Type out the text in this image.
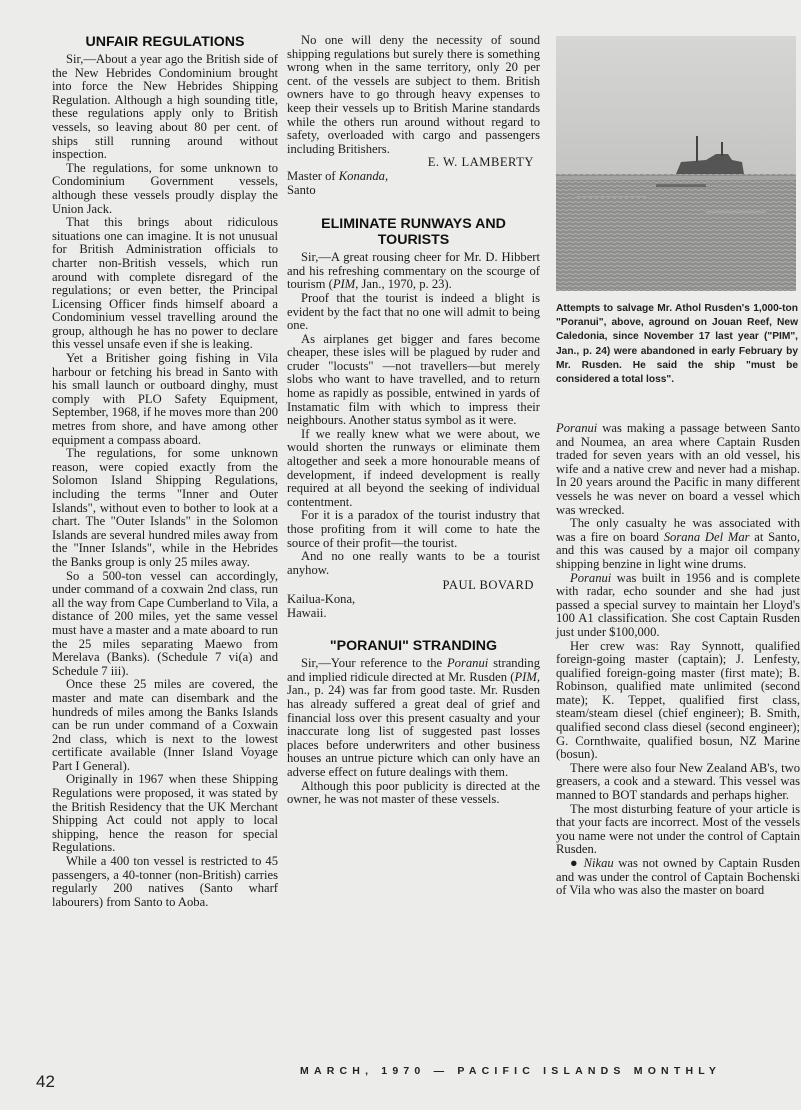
UNFAIR REGULATIONS

Sir,—About a year ago the British side of the New Hebrides Condominium brought into force the New Hebrides Shipping Regulation. Although a high sounding title, these regulations apply only to British vessels, so leaving about 80 per cent. of ships still running around without inspection.

The regulations, for some unknown to Condominium Government vessels, although these vessels proudly display the Union Jack.

That this brings about ridiculous situations one can imagine. It is not unusual for British Administration officials to charter non-British vessels, which run around with complete disregard of the regulations; or even better, the Principal Licensing Officer finds himself aboard a Condominium vessel travelling around the group, although he has no power to declare this vessel unsafe even if she is leaking.

Yet a Britisher going fishing in Vila harbour or fetching his bread in Santo with his small launch or outboard dinghy, must comply with PLO Safety Equipment, September, 1968, if he moves more than 200 metres from shore, and have among other equipment a compass aboard.

The regulations, for some unknown reason, were copied exactly from the Solomon Island Shipping Regulations, including the terms "Inner and Outer Islands", without even to bother to look at a chart. The "Outer Islands" in the Solomon Islands are several hundred miles away from the "Inner Islands", while in the Hebrides the Banks group is only 25 miles away.

So a 500-ton vessel can accordingly, under command of a coxwain 2nd class, run all the way from Cape Cumberland to Vila, a distance of 200 miles, yet the same vessel must have a master and a mate aboard to run the 25 miles separating Maewo from Merelava (Banks). (Schedule 7 vi(a) and Schedule 7 iii).

Once these 25 miles are covered, the master and mate can disembark and the hundreds of miles among the Banks Islands can be run under command of a Coxwain 2nd class, which is next to the lowest certificate available (Inner Island Voyage Part I General).

Originally in 1967 when these Shipping Regulations were proposed, it was stated by the British Residency that the UK Merchant Shipping Act could not apply to local shipping, hence the reason for special Regulations.

While a 400 ton vessel is restricted to 45 passengers, a 40-tonner (non-British) carries regularly 200 natives (Santo wharf labourers) from Santo to Aoba.

No one will deny the necessity of sound shipping regulations but surely there is something wrong when in the same territory, only 20 per cent. of the vessels are subject to them. British owners have to go through heavy expenses to keep their vessels up to British Marine standards while the others run around without regard to safety, overloaded with cargo and passengers including Britishers.

E. W. LAMBERTY

Master of Konanda,

Santo

ELIMINATE RUNWAYS AND TOURISTS

Sir,—A great rousing cheer for Mr. D. Hibbert and his refreshing commentary on the scourge of tourism (PIM, Jan., 1970, p. 23).

Proof that the tourist is indeed a blight is evident by the fact that no one will admit to being one.

As airplanes get bigger and fares become cheaper, these isles will be plagued by ruder and cruder "locusts" —not travellers—but merely slobs who want to have travelled, and to return home as rapidly as possible, entwined in yards of Instamatic film with which to impress their neighbours. Another status symbol as it were.

If we really knew what we were about, we would shorten the runways or eliminate them altogether and seek a more honourable means of development, if indeed development is really required at all beyond the seeking of individual contentment.

For it is a paradox of the tourist industry that those profiting from it will come to hate the source of their profit—the tourist.

And no one really wants to be a tourist anyhow.

PAUL BOVARD

Kailua-Kona,

Hawaii.

"PORANUI" STRANDING

Sir,—Your reference to the Poranui stranding and implied ridicule directed at Mr. Rusden (PIM, Jan., p. 24) was far from good taste. Mr. Rusden has already suffered a great deal of grief and financial loss over this present casualty and your inaccurate long list of suggested past losses places before underwriters and other business houses an untrue picture which can only have an adverse effect on future dealings with them.

Although this poor publicity is directed at the owner, he was not master of these vessels.

Attempts to salvage Mr. Athol Rusden's 1,000-ton "Poranui", above, aground on Jouan Reef, New Caledonia, since November 17 last year ("PIM", Jan., p. 24) were abandoned in early February by Mr. Rusden. He said the ship "must be considered a total loss".

Poranui was making a passage between Santo and Noumea, an area where Captain Rusden traded for seven years with an old vessel, his wife and a native crew and never had a mishap. In 20 years around the Pacific in many different vessels he was never on board a vessel which was wrecked.

The only casualty he was associated with was a fire on board Sorana Del Mar at Santo, and this was caused by a major oil company shipping benzine in light wine drums.

Poranui was built in 1956 and is complete with radar, echo sounder and she had just passed a special survey to maintain her Lloyd's 100 A1 classification. She cost Captain Rusden just under $100,000.

Her crew was: Ray Synnott, qualified foreign-going master (captain); J. Lenfesty, qualified foreign-going master (first mate); B. Robinson, qualified mate unlimited (second mate); K. Teppet, qualified first class, steam/steam diesel (chief engineer); B. Smith, qualified second class diesel (second engineer); G. Cornthwaite, qualified bosun, NZ Marine (bosun).

There were also four New Zealand AB's, two greasers, a cook and a steward. This vessel was manned to BOT standards and perhaps higher.

The most disturbing feature of your article is that your facts are incorrect. Most of the vessels you name were not under the control of Captain Rusden.

● Nikau was not owned by Captain Rusden and was under the control of Captain Bochenski of Vila who was also the master on board

MARCH, 1970 — PACIFIC ISLANDS MONTHLY
42
